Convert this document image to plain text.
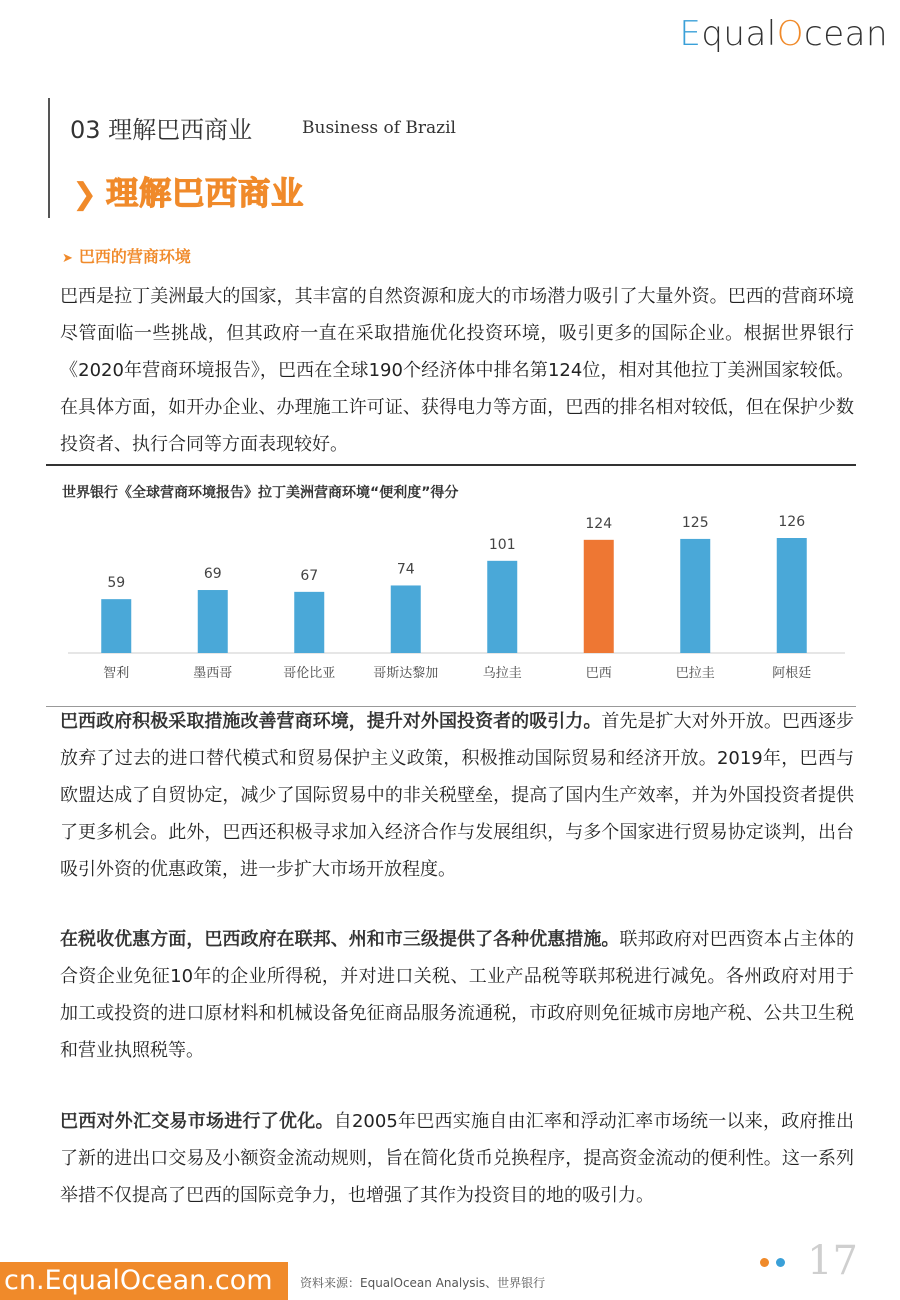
EqualOcean
03 理解巴西商业	Business of Brazil
❯ 理解巴西商业
➤ 巴西的营商环境
巴西是拉丁美洲最大的国家，其丰富的自然资源和庞大的市场潜力吸引了大量外资。巴西的营商环境尽管面临一些挑战，但其政府一直在采取措施优化投资环境，吸引更多的国际企业。根据世界银行《2020年营商环境报告》，巴西在全球190个经济体中排名第124位，相对其他拉丁美洲国家较低。在具体方面，如开办企业、办理施工许可证、获得电力等方面，巴西的排名相对较低，但在保护少数投资者、执行合同等方面表现较好。
世界银行《全球营商环境报告》拉丁美洲营商环境“便利度”得分
59
智利
69
墨西哥
67
哥伦比亚
74
哥斯达黎加
101
乌拉圭
124
巴西
125
巴拉圭
126
阿根廷
巴西政府积极采取措施改善营商环境，提升对外国投资者的吸引力。首先是扩大对外开放。巴西逐步放弃了过去的进口替代模式和贸易保护主义政策，积极推动国际贸易和经济开放。2019年，巴西与欧盟达成了自贸协定，减少了国际贸易中的非关税壁垒，提高了国内生产效率，并为外国投资者提供了更多机会。此外，巴西还积极寻求加入经济合作与发展组织，与多个国家进行贸易协定谈判，出台吸引外资的优惠政策，进一步扩大市场开放程度。
在税收优惠方面，巴西政府在联邦、州和市三级提供了各种优惠措施。联邦政府对巴西资本占主体的合资企业免征10年的企业所得税，并对进口关税、工业产品税等联邦税进行减免。各州政府对用于加工或投资的进口原材料和机械设备免征商品服务流通税，市政府则免征城市房地产税、公共卫生税和营业执照税等。
巴西对外汇交易市场进行了优化。自2005年巴西实施自由汇率和浮动汇率市场统一以来，政府推出了新的进出口交易及小额资金流动规则，旨在简化货币兑换程序，提高资金流动的便利性。这一系列举措不仅提高了巴西的国际竞争力，也增强了其作为投资目的地的吸引力。
cn.EqualOcean.com	资料来源：EqualOcean Analysis、世界银行	17
